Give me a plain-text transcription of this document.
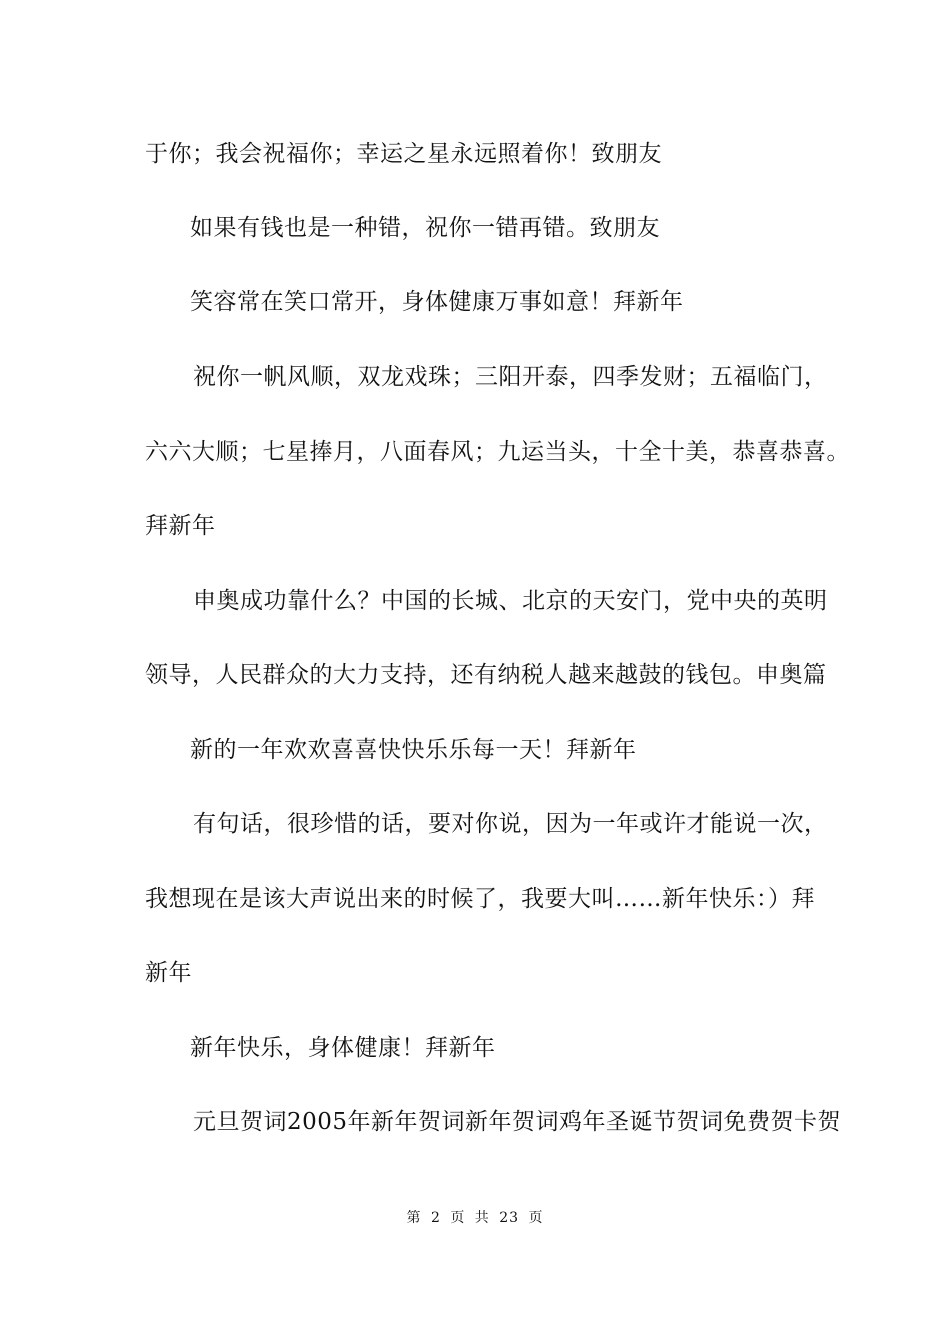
于你；我会祝福你；幸运之星永远照着你！致朋友
如果有钱也是一种错，祝你一错再错。致朋友
笑容常在笑口常开，身体健康万事如意！拜新年
祝你一帆风顺，双龙戏珠；三阳开泰，四季发财；五福临门，
六六大顺；七星捧月，八面春风；九运当头，十全十美，恭喜恭喜。
拜新年
申奥成功靠什么？中国的长城、北京的天安门，党中央的英明
领导，人民群众的大力支持，还有纳税人越来越鼓的钱包。申奥篇
新的一年欢欢喜喜快快乐乐每一天！拜新年
有句话，很珍惜的话，要对你说，因为一年或许才能说一次，
我想现在是该大声说出来的时候了，我要大叫……新年快乐：）拜
新年
新年快乐，身体健康！拜新年
元旦贺词2005年新年贺词新年贺词鸡年圣诞节贺词免费贺卡贺
第 2 页 共 23 页
